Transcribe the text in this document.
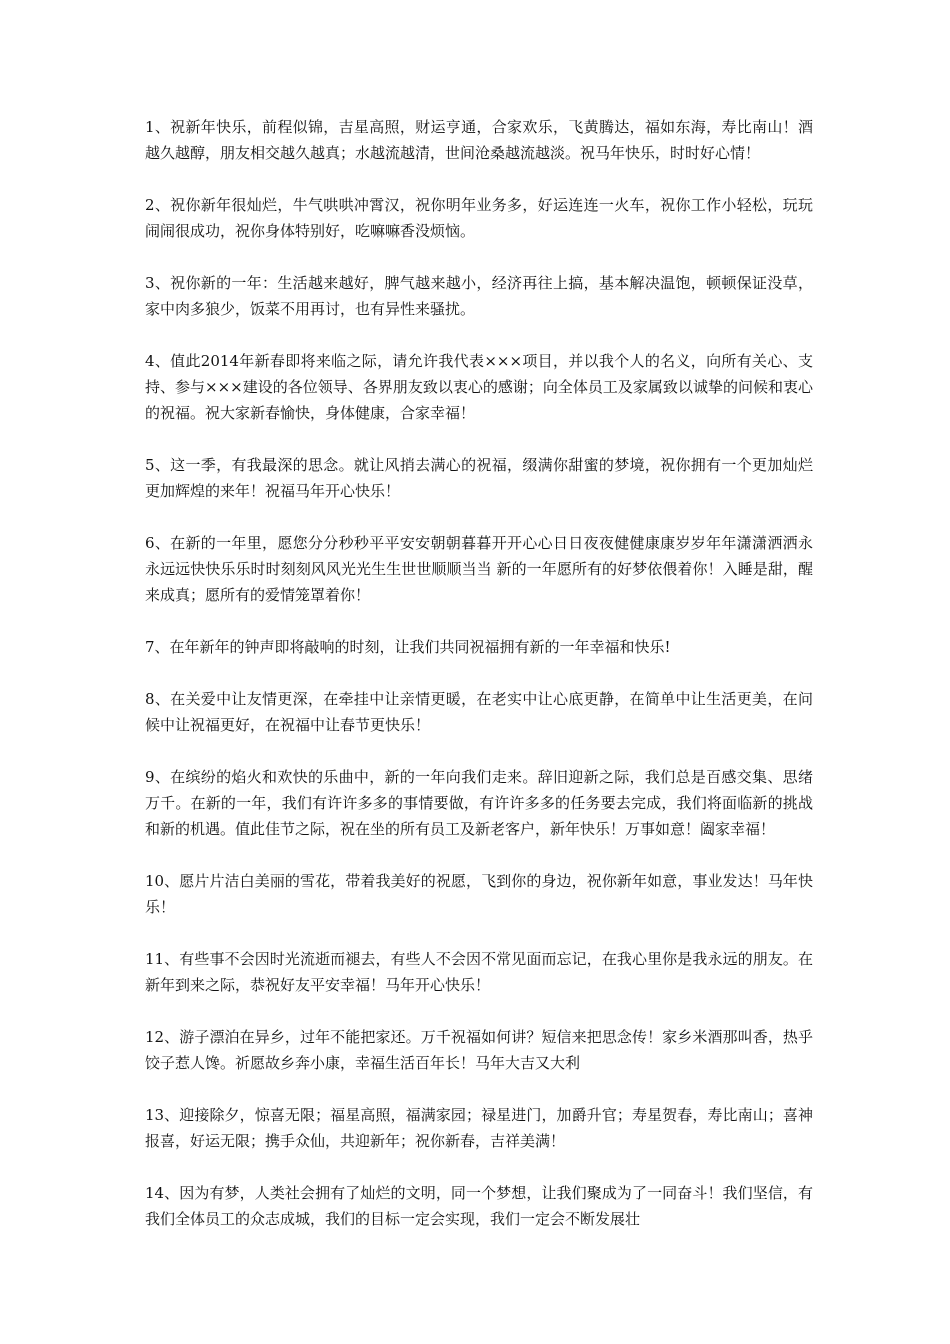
1、祝新年快乐，前程似锦，吉星高照，财运亨通，合家欢乐，飞黄腾达，福如东海，寿比南山！酒越久越醇，朋友相交越久越真；水越流越清，世间沧桑越流越淡。祝马年快乐，时时好心情！

2、祝你新年很灿烂，牛气哄哄冲霄汉，祝你明年业务多，好运连连一火车，祝你工作小轻松，玩玩闹闹很成功，祝你身体特别好，吃嘛嘛香没烦恼。

3、祝你新的一年：生活越来越好，脾气越来越小，经济再往上搞，基本解决温饱，顿顿保证没草，家中肉多狼少，饭菜不用再讨，也有异性来骚扰。

4、值此2014年新春即将来临之际，请允许我代表×××项目，并以我个人的名义，向所有关心、支持、参与×××建设的各位领导、各界朋友致以衷心的感谢；向全体员工及家属致以诚挚的问候和衷心的祝福。祝大家新春愉快，身体健康，合家幸福！

5、这一季，有我最深的思念。就让风捎去满心的祝福，缀满你甜蜜的梦境，祝你拥有一个更加灿烂更加辉煌的来年！祝福马年开心快乐！

6、在新的一年里，愿您分分秒秒平平安安朝朝暮暮开开心心日日夜夜健健康康岁岁年年潇潇洒洒永永远远快快乐乐时时刻刻风风光光生生世世顺顺当当 新的一年愿所有的好梦依偎着你！入睡是甜，醒来成真；愿所有的爱情笼罩着你！

7、在年新年的钟声即将敲响的时刻，让我们共同祝福拥有新的一年幸福和快乐!

8、在关爱中让友情更深，在牵挂中让亲情更暖，在老实中让心底更静，在简单中让生活更美，在问候中让祝福更好，在祝福中让春节更快乐！

9、在缤纷的焰火和欢快的乐曲中，新的一年向我们走来。辞旧迎新之际，我们总是百感交集、思绪万千。在新的一年，我们有许许多多的事情要做，有许许多多的任务要去完成，我们将面临新的挑战和新的机遇。值此佳节之际，祝在坐的所有员工及新老客户，新年快乐！万事如意！阖家幸福！

10、愿片片洁白美丽的雪花，带着我美好的祝愿，飞到你的身边，祝你新年如意，事业发达！马年快乐！

11、有些事不会因时光流逝而褪去，有些人不会因不常见面而忘记，在我心里你是我永远的朋友。在新年到来之际，恭祝好友平安幸福！马年开心快乐！

12、游子漂泊在异乡，过年不能把家还。万千祝福如何讲？短信来把思念传！家乡米酒那叫香，热乎饺子惹人馋。祈愿故乡奔小康，幸福生活百年长！马年大吉又大利

13、迎接除夕，惊喜无限；福星高照，福满家园；禄星进门，加爵升官；寿星贺春，寿比南山；喜神报喜，好运无限；携手众仙，共迎新年；祝你新春，吉祥美满！

14、因为有梦，人类社会拥有了灿烂的文明，同一个梦想，让我们聚成为了一同奋斗！我们坚信，有我们全体员工的众志成城，我们的目标一定会实现，我们一定会不断发展壮
